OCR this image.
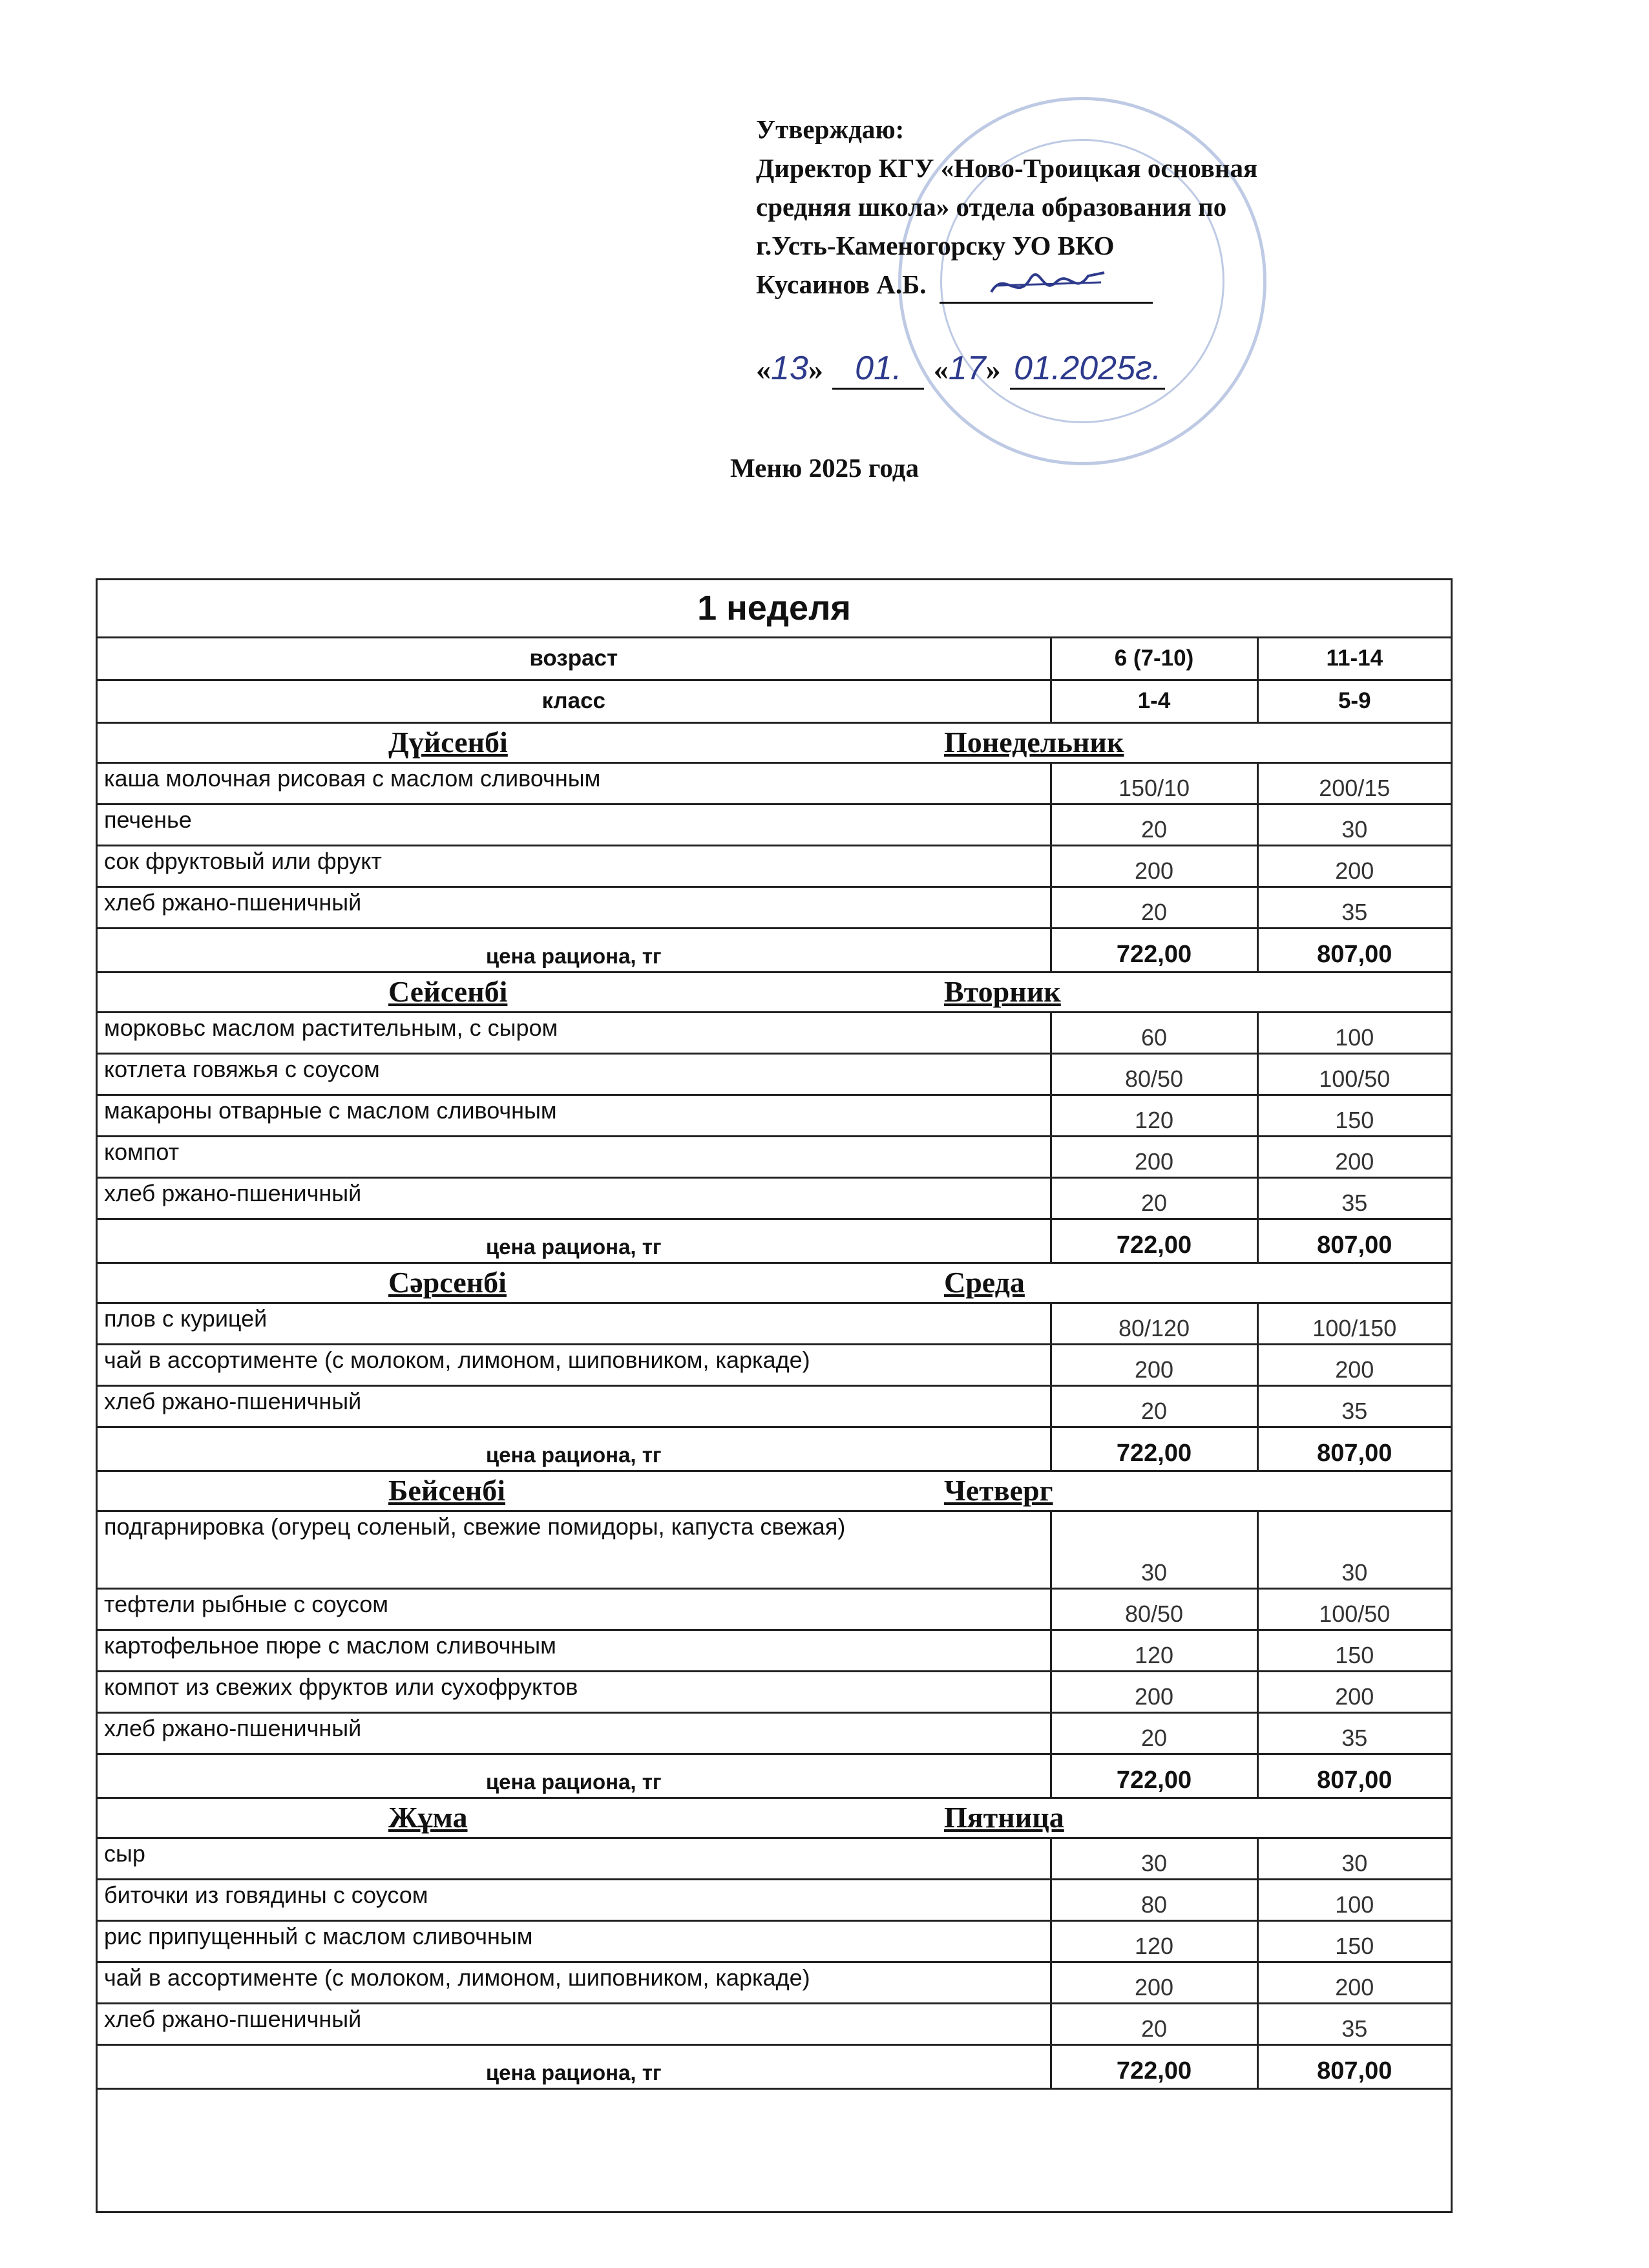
Утверждаю:
Директор КГУ «Ново-Троицкая основная
средняя школа» отдела образования по
г.Усть-Каменогорску УО ВКО
Кусаинов А.Б.
«13» 01. «17» 01.2025г.
Меню 2025 года
1 неделя		
возраст	6 (7-10)	11-14
класс	1-4	5-9

Дүйсенбі Понедельник		

каша молочная рисовая с маслом сливочным	150/10	200/15
печенье	20	30
сок фруктовый или фрукт	200	200
хлеб ржано-пшеничный	20	35
цена рациона, тг	722,00	807,00

Сейсенбі Вторник		

морковьс маслом растительным, с сыром	60	100
котлета говяжья с соусом	80/50	100/50
макароны отварные с маслом сливочным	120	150
компот	200	200
хлеб ржано-пшеничный	20	35
цена рациона, тг	722,00	807,00

Сәрсенбі Среда		

плов с курицей	80/120	100/150
чай в ассортименте (с молоком, лимоном, шиповником, каркаде)	200	200
хлеб ржано-пшеничный	20	35
цена рациона, тг	722,00	807,00

Бейсенбі Четверг		

подгарнировка (огурец соленый, свежие помидоры, капуста свежая)	30	30
тефтели рыбные с соусом	80/50	100/50
картофельное пюре с маслом сливочным	120	150
компот из свежих фруктов или сухофруктов	200	200
хлеб ржано-пшеничный	20	35
цена рациона, тг	722,00	807,00

Жұма Пятница		

сыр	30	30
биточки из говядины с соусом	80	100
рис припущенный с маслом сливочным	120	150
чай в ассортименте (с молоком, лимоном, шиповником, каркаде)	200	200
хлеб ржано-пшеничный	20	35
цена рациона, тг	722,00	807,00
